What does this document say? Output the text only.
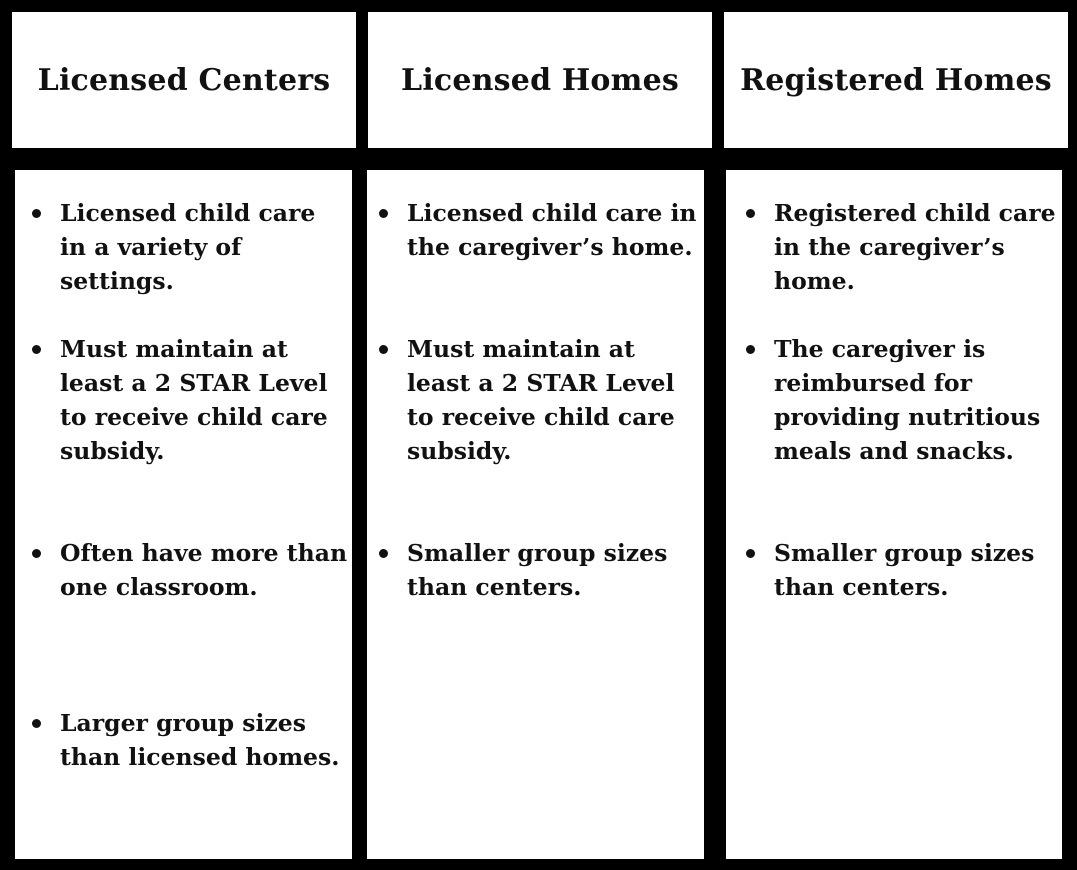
Licensed Centers Licensed Homes Registered Homes
Licensed child care in a variety of settings.
Must maintain at least a 2 STAR Level to receive child care subsidy.
Often have more than one classroom.
Larger group sizes than licensed homes.
Licensed child care in the caregiver’s home.
Must maintain at least a 2 STAR Level to receive child care subsidy.
Smaller group sizes than centers.
Registered child care in the caregiver’s home.
The caregiver is reimbursed for providing nutritious meals and snacks.
Smaller group sizes than centers.
